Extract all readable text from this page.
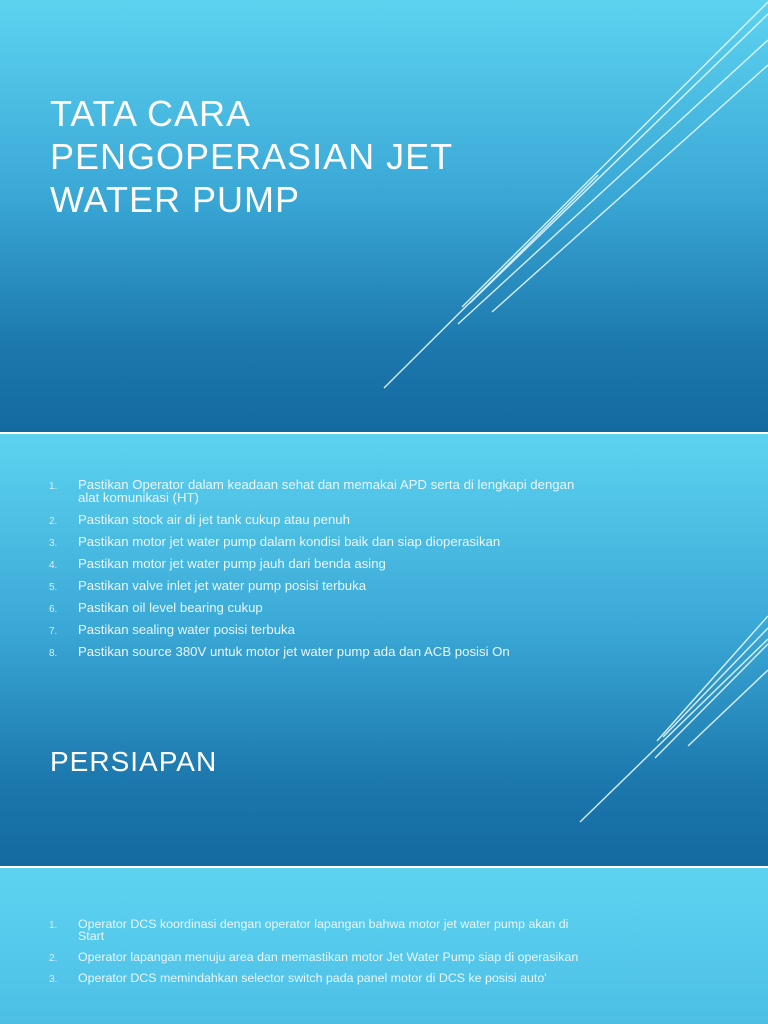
TATA CARA PENGOPERASIAN JET WATER PUMP
1. Pastikan Operator dalam keadaan sehat dan memakai APD serta di lengkapi dengan alat komunikasi (HT)
2. Pastikan stock air di jet tank cukup atau penuh
3. Pastikan motor jet water pump dalam kondisi baik dan siap dioperasikan
4. Pastikan motor jet water pump jauh dari benda asing
5. Pastikan valve inlet jet water pump posisi terbuka
6. Pastikan oil level bearing cukup
7. Pastikan sealing water posisi terbuka
8. Pastikan source 380V untuk motor jet water pump ada dan ACB posisi On
PERSIAPAN
1. Operator DCS koordinasi dengan operator lapangan bahwa motor jet water pump akan di Start
2. Operator lapangan menuju area dan memastikan motor Jet Water Pump siap di operasikan
3. Operator DCS memindahkan selector switch pada panel motor di DCS ke posisi auto'
